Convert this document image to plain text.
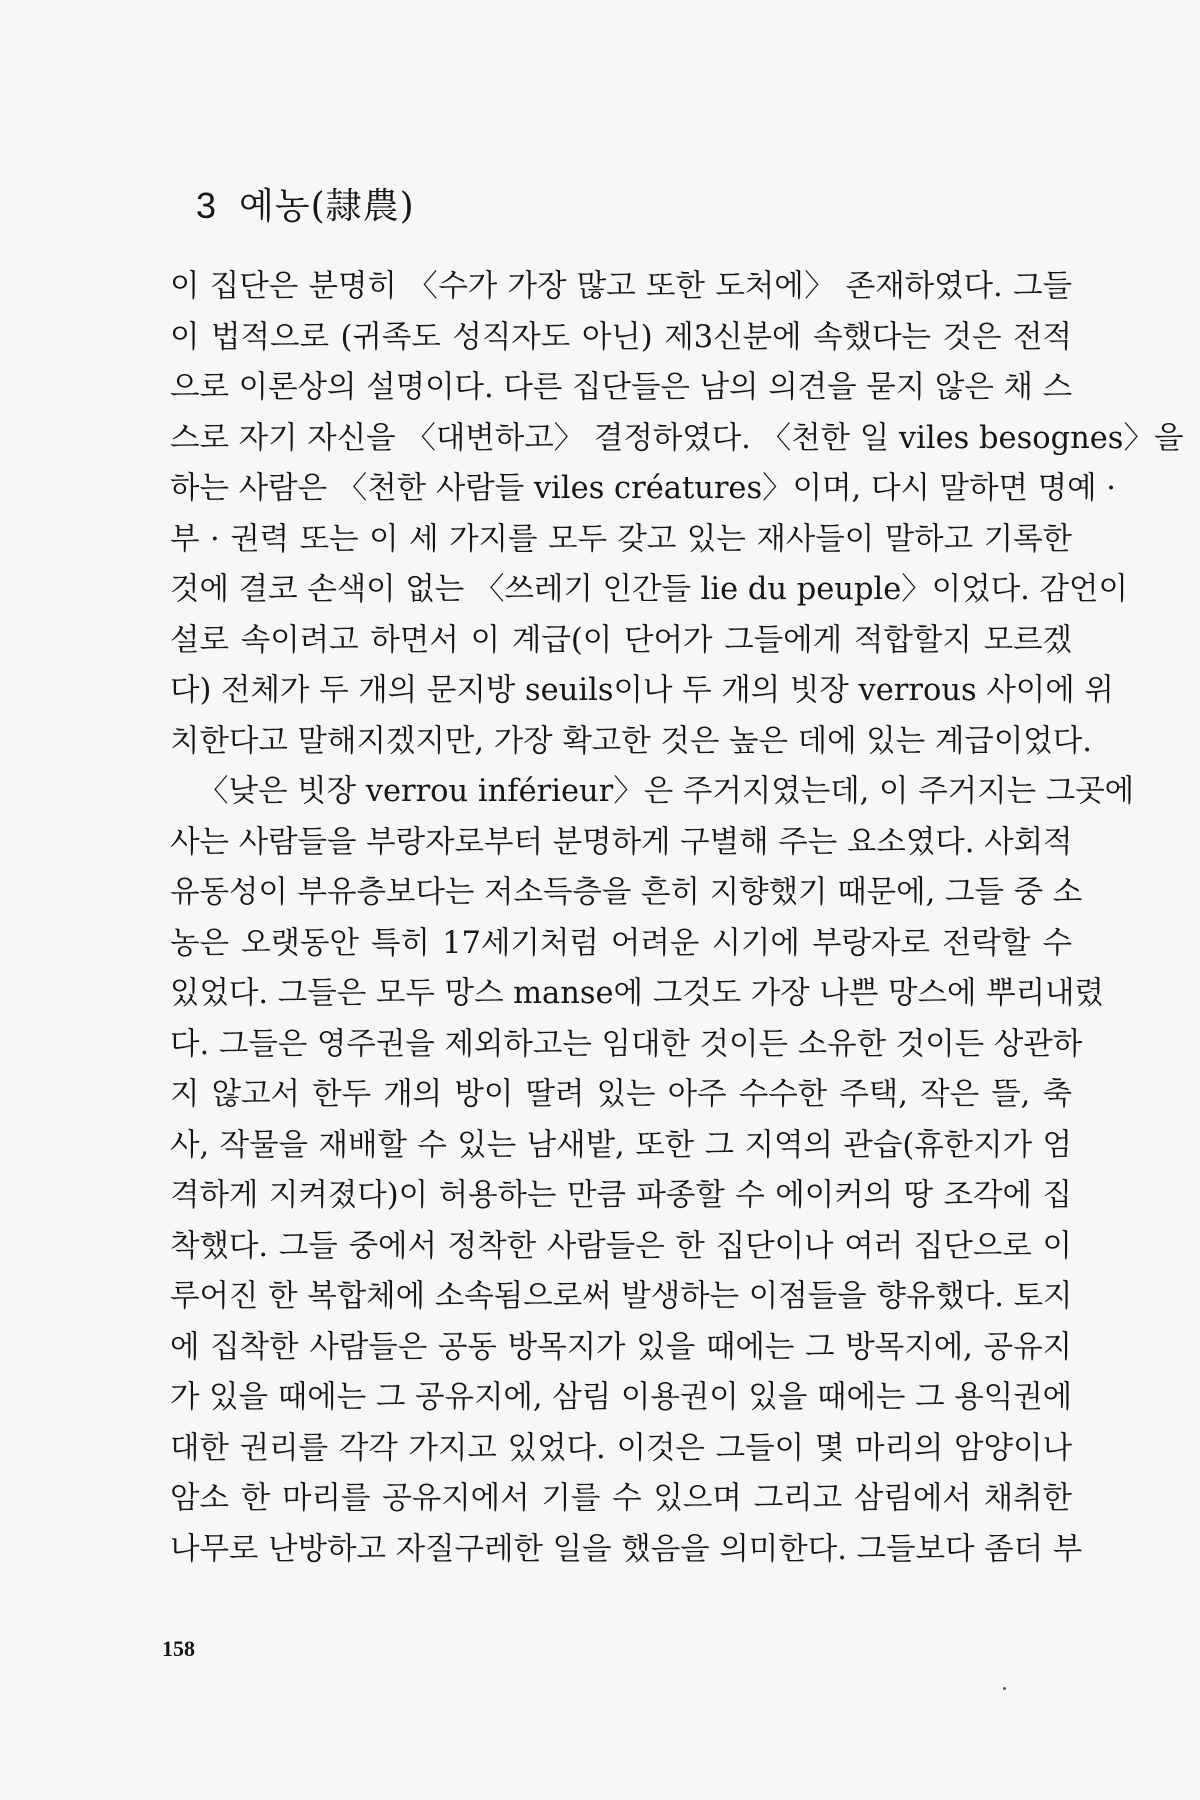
3 예농(隷農)
이 집단은 분명히 〈수가 가장 많고 또한 도처에〉 존재하였다. 그들
이 법적으로 (귀족도 성직자도 아닌) 제3신분에 속했다는 것은 전적
으로 이론상의 설명이다. 다른 집단들은 남의 의견을 묻지 않은 채 스
스로 자기 자신을 〈대변하고〉 결정하였다. 〈천한 일 viles besognes〉을
하는 사람은 〈천한 사람들 viles créatures〉이며, 다시 말하면 명예 ·
부 · 권력 또는 이 세 가지를 모두 갖고 있는 재사들이 말하고 기록한
것에 결코 손색이 없는 〈쓰레기 인간들 lie du peuple〉이었다. 감언이
설로 속이려고 하면서 이 계급(이 단어가 그들에게 적합할지 모르겠
다) 전체가 두 개의 문지방 seuils이나 두 개의 빗장 verrous 사이에 위
치한다고 말해지겠지만, 가장 확고한 것은 높은 데에 있는 계급이었다.
〈낮은 빗장 verrou inférieur〉은 주거지였는데, 이 주거지는 그곳에
사는 사람들을 부랑자로부터 분명하게 구별해 주는 요소였다. 사회적
유동성이 부유층보다는 저소득층을 흔히 지향했기 때문에, 그들 중 소
농은 오랫동안 특히 17세기처럼 어려운 시기에 부랑자로 전락할 수
있었다. 그들은 모두 망스 manse에 그것도 가장 나쁜 망스에 뿌리내렸
다. 그들은 영주권을 제외하고는 임대한 것이든 소유한 것이든 상관하
지 않고서 한두 개의 방이 딸려 있는 아주 수수한 주택, 작은 뜰, 축
사, 작물을 재배할 수 있는 남새밭, 또한 그 지역의 관습(휴한지가 엄
격하게 지켜졌다)이 허용하는 만큼 파종할 수 에이커의 땅 조각에 집
착했다. 그들 중에서 정착한 사람들은 한 집단이나 여러 집단으로 이
루어진 한 복합체에 소속됨으로써 발생하는 이점들을 향유했다. 토지
에 집착한 사람들은 공동 방목지가 있을 때에는 그 방목지에, 공유지
가 있을 때에는 그 공유지에, 삼림 이용권이 있을 때에는 그 용익권에
대한 권리를 각각 가지고 있었다. 이것은 그들이 몇 마리의 암양이나
암소 한 마리를 공유지에서 기를 수 있으며 그리고 삼림에서 채취한
나무로 난방하고 자질구레한 일을 했음을 의미한다. 그들보다 좀더 부
158
